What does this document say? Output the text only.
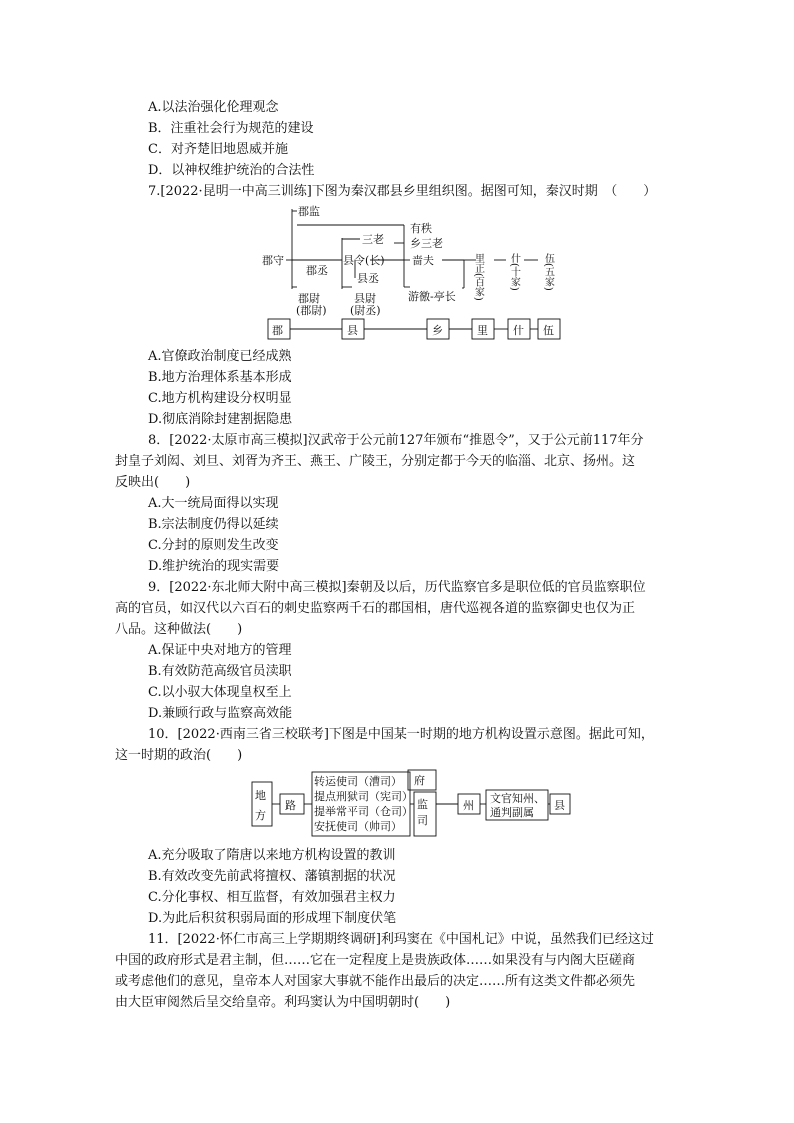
A.以法治强化伦理观念
B．注重社会行为规范的建设
C．对齐楚旧地恩威并施
D．以神权维护统治的合法性
7.[2022·昆明一中高三训练]下图为秦汉郡县乡里组织图。据图可知，秦汉时期　（　　）
郡监
郡守
郡丞
三老
县令(长)
县丞
有秩
乡三老
啬夫
郡尉
(郡尉)
县尉
(尉丞)
游徼-亭长 里正(百家)	什(十家) 伍(五家)
郡	县	乡	里 什 伍
A.官僚政治制度已经成熟
B.地方治理体系基本形成
C.地方机构建设分权明显
D.彻底消除封建割据隐患
8．[2022·太原市高三模拟]汉武帝于公元前127年颁布“推恩令”，又于公元前117年分
封皇子刘闳、刘旦、刘胥为齐王、燕王、广陵王，分别定都于今天的临淄、北京、扬州。这
反映出(　　)
A.大一统局面得以实现
B.宗法制度仍得以延续
C.分封的原则发生改变
D.维护统治的现实需要
9．[2022·东北师大附中高三模拟]秦朝及以后，历代监察官多是职位低的官员监察职位
高的官员，如汉代以六百石的刺史监察两千石的郡国相，唐代巡视各道的监察御史也仅为正
八品。这种做法(　　)
A.保证中央对地方的管理
B.有效防范高级官员渎职
C.以小驭大体现皇权至上
D.兼顾行政与监察高效能
10．[2022·西南三省三校联考]下图是中国某一时期的地方机构设置示意图。据此可知，
这一时期的政治(　　)
地
方
路
转运使司（漕司）
提点刑狱司（宪司）
提举常平司（仓司）
安抚使司（帅司）
监
司
府
州
文官知州、
通判副属
县
A.充分吸取了隋唐以来地方机构设置的教训
B.有效改变先前武将擅权、藩镇割据的状况
C.分化事权、相互监督，有效加强君主权力
D.为此后积贫积弱局面的形成埋下制度伏笔
11．[2022·怀仁市高三上学期期终调研]利玛窦在《中国札记》中说，虽然我们已经这过
中国的政府形式是君主制，但……它在一定程度上是贵族政体……如果没有与内阁大臣磋商
或考虑他们的意见，皇帝本人对国家大事就不能作出最后的决定……所有这类文件都必须先
由大臣审阅然后呈交给皇帝。利玛窦认为中国明朝时(　　)
